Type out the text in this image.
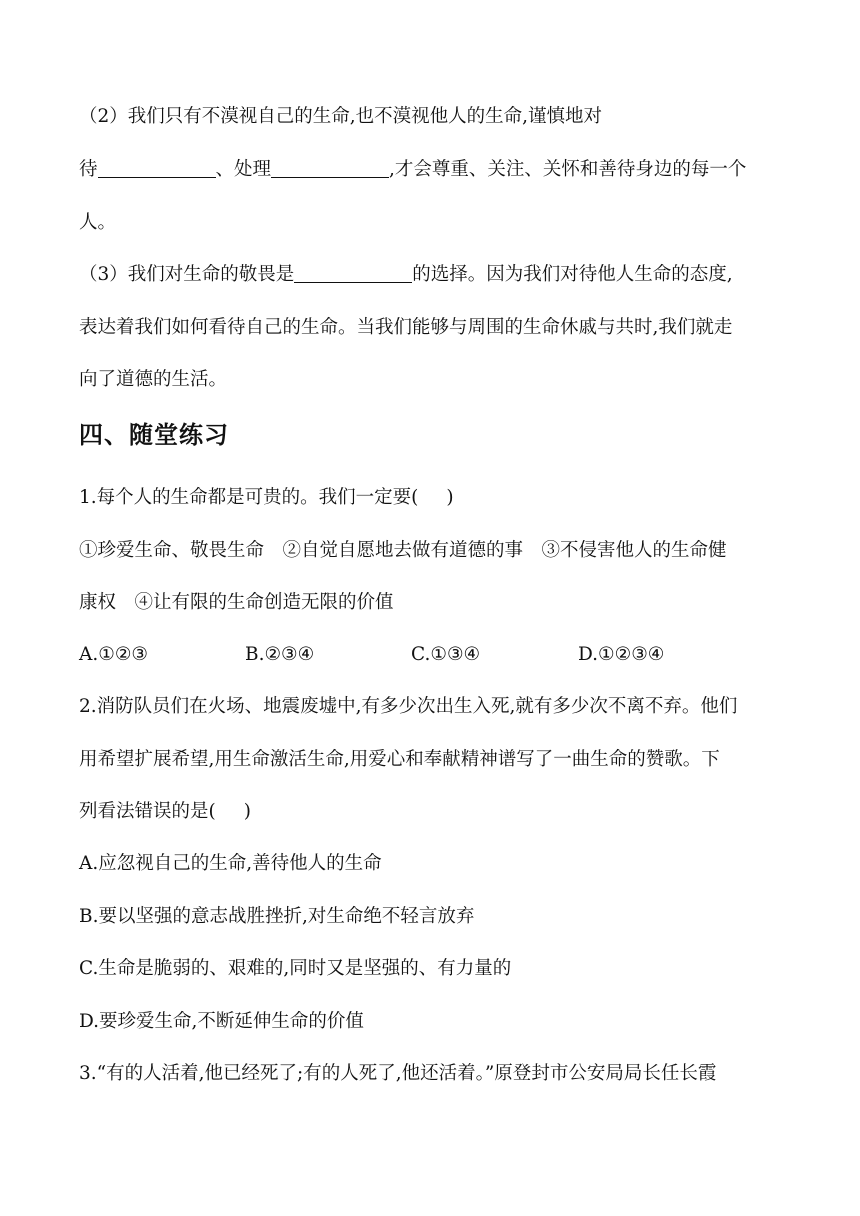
（2）我们只有不漠视自己的生命,也不漠视他人的生命,谨慎地对
待	、处理	,才会尊重、关注、关怀和善待身边的每一个
人。
（3）我们对生命的敬畏是	的选择。因为我们对待他人生命的态度,
表达着我们如何看待自己的生命。当我们能够与周围的生命休戚与共时,我们就走
向了道德的生活。
四、随堂练习
1.每个人的生命都是可贵的。我们一定要( )
①珍爱生命、敬畏生命　②自觉自愿地去做有道德的事　③不侵害他人的生命健
康权　④让有限的生命创造无限的价值
A.①②③	B.②③④	C.①③④	D.①②③④
2.消防队员们在火场、地震废墟中,有多少次出生入死,就有多少次不离不弃。他们
用希望扩展希望,用生命激活生命,用爱心和奉献精神谱写了一曲生命的赞歌。下
列看法错误的是( )
A.应忽视自己的生命,善待他人的生命
B.要以坚强的意志战胜挫折,对生命绝不轻言放弃
C.生命是脆弱的、艰难的,同时又是坚强的、有力量的
D.要珍爱生命,不断延伸生命的价值
3.“有的人活着,他已经死了;有的人死了,他还活着。”原登封市公安局局长任长霞
